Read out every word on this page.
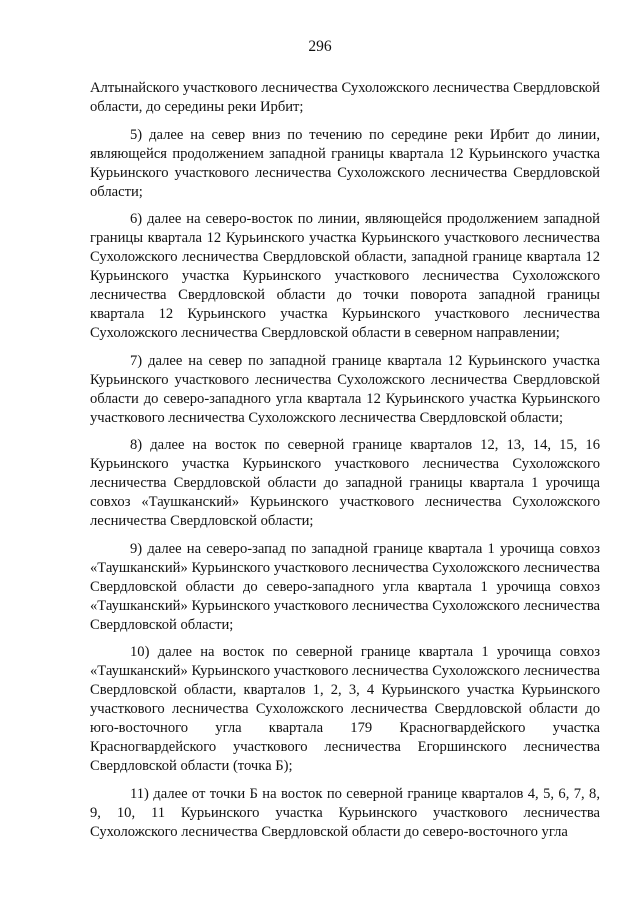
296

Алтынайского участкового лесничества Сухоложского лесничества Свердловской области, до середины реки Ирбит;

5) далее на север вниз по течению по середине реки Ирбит до линии, являющейся продолжением западной границы квартала 12 Курьинского участка Курьинского участкового лесничества Сухоложского лесничества Свердловской области;

6) далее на северо-восток по линии, являющейся продолжением западной границы квартала 12 Курьинского участка Курьинского участкового лесничества Сухоложского лесничества Свердловской области, западной границе квартала 12 Курьинского участка Курьинского участкового лесничества Сухоложского лесничества Свердловской области до точки поворота западной границы квартала 12 Курьинского участка Курьинского участкового лесничества Сухоложского лесничества Свердловской области в северном направлении;

7) далее на север по западной границе квартала 12 Курьинского участка Курьинского участкового лесничества Сухоложского лесничества Свердловской области до северо-западного угла квартала 12 Курьинского участка Курьинского участкового лесничества Сухоложского лесничества Свердловской области;

8) далее на восток по северной границе кварталов 12, 13, 14, 15, 16 Курьинского участка Курьинского участкового лесничества Сухоложского лесничества Свердловской области до западной границы квартала 1 урочища совхоз «Таушканский» Курьинского участкового лесничества Сухоложского лесничества Свердловской области;

9) далее на северо-запад по западной границе квартала 1 урочища совхоз «Таушканский» Курьинского участкового лесничества Сухоложского лесничества Свердловской области до северо-западного угла квартала 1 урочища совхоз «Таушканский» Курьинского участкового лесничества Сухоложского лесничества Свердловской области;

10) далее на восток по северной границе квартала 1 урочища совхоз «Таушканский» Курьинского участкового лесничества Сухоложского лесничества Свердловской области, кварталов 1, 2, 3, 4 Курьинского участка Курьинского участкового лесничества Сухоложского лесничества Свердловской области до юго-восточного угла квартала 179 Красногвардейского участка Красногвардейского участкового лесничества Егоршинского лесничества Свердловской области (точка Б);

11) далее от точки Б на восток по северной границе кварталов 4, 5, 6, 7, 8, 9, 10, 11 Курьинского участка Курьинского участкового лесничества Сухоложского лесничества Свердловской области до северо-восточного угла
